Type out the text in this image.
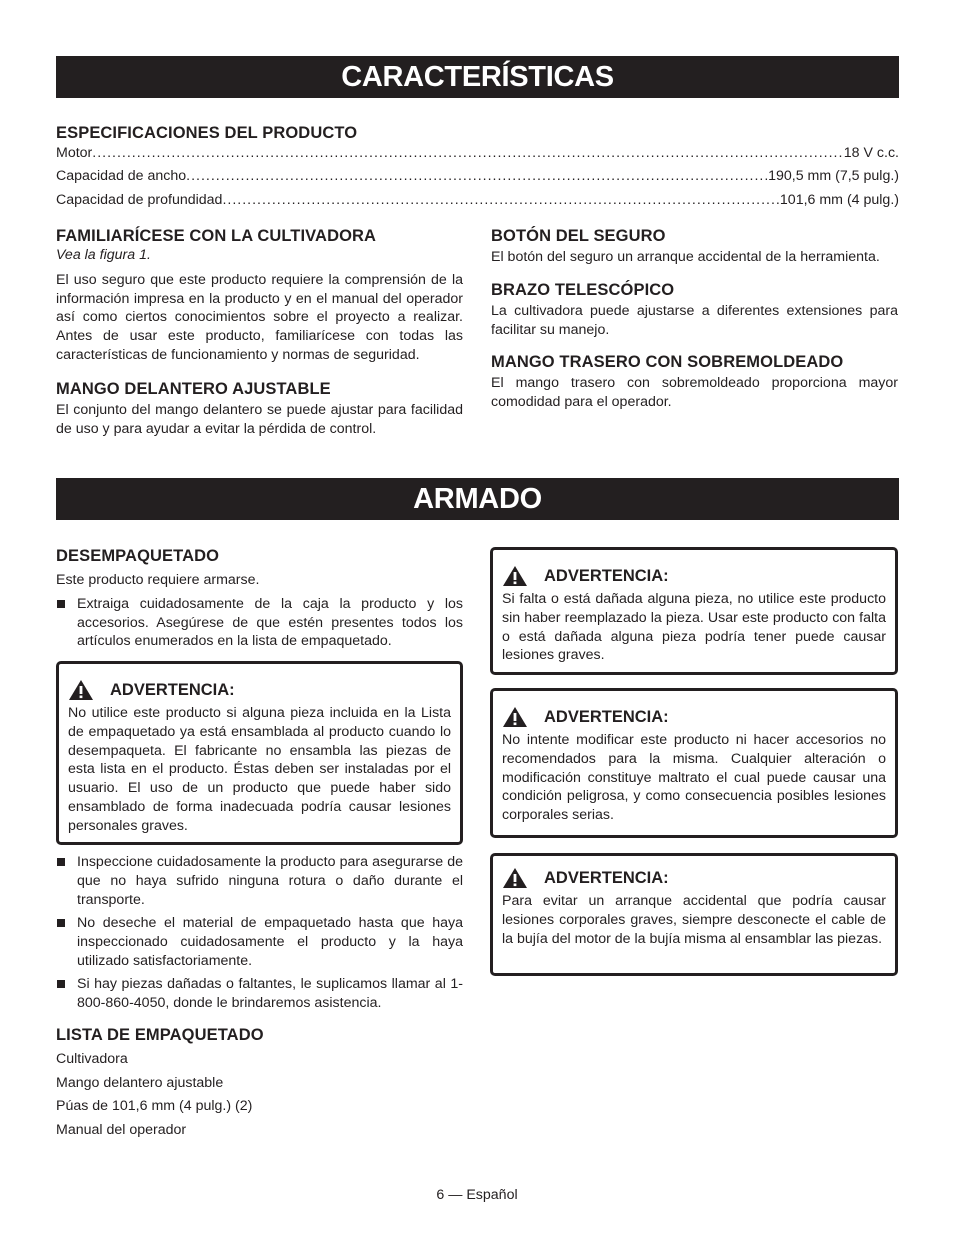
CARACTERÍSTICAS
ESPECIFICACIONES DEL PRODUCTO
Motor .....	18 V c.c.
Capacidad de ancho .....	190,5 mm (7,5 pulg.)
Capacidad de profundidad .....	101,6 mm (4 pulg.)
FAMILIARÍCESE CON LA CULTIVADORA
Vea la figura 1.
El uso seguro que este producto requiere la comprensión de la información impresa en la producto y en el manual del operador así como ciertos conocimientos sobre el proyecto a realizar. Antes de usar este producto, familiarícese con todas las características de funcionamiento y normas de seguridad.
MANGO DELANTERO AJUSTABLE
El conjunto del mango delantero se puede ajustar para facilidad de uso y para ayudar a evitar la pérdida de control.
BOTÓN DEL SEGURO
El botón del seguro un arranque accidental de la herramienta.
BRAZO TELESCÓPICO
La cultivadora puede ajustarse a diferentes extensiones para facilitar su manejo.
MANGO TRASERO CON SOBREMOLDEADO
El mango trasero con sobremoldeado proporciona mayor comodidad para el operador.
ARMADO
DESEMPAQUETADO
Este producto requiere armarse.
Extraiga cuidadosamente de la caja la producto y los accesorios. Asegúrese de que estén presentes todos los artículos enumerados en la lista de empaquetado.
ADVERTENCIA:
No utilice este producto si alguna pieza incluida en la Lista de empaquetado ya está ensamblada al producto cuando lo desempaqueta. El fabricante no ensambla las piezas de esta lista en el producto. Éstas deben ser instaladas por el usuario. El uso de un producto que puede haber sido ensamblado de forma inadecuada podría causar lesiones personales graves.
Inspeccione cuidadosamente la producto para asegurarse de que no haya sufrido ninguna rotura o daño durante el transporte.
No deseche el material de empaquetado hasta que haya inspeccionado cuidadosamente el producto y la haya utilizado satisfactoriamente.
Si hay piezas dañadas o faltantes, le suplicamos llamar al 1-800-860-4050, donde le brindaremos asistencia.
LISTA DE EMPAQUETADO
Cultivadora
Mango delantero ajustable
Púas de 101,6 mm (4 pulg.) (2)
Manual del operador
ADVERTENCIA:
Si falta o está dañada alguna pieza, no utilice este producto sin haber reemplazado la pieza. Usar este producto con falta o está dañada alguna pieza podría tener puede causar lesiones graves.
ADVERTENCIA:
No intente modificar este producto ni hacer accesorios no recomendados para la misma. Cualquier alteración o modificación constituye maltrato el cual puede causar una condición peligrosa, y como consecuencia posibles lesiones corporales serias.
ADVERTENCIA:
Para evitar un arranque accidental que podría causar lesiones corporales graves, siempre desconecte el cable de la bujía del motor de la bujía misma al ensamblar las piezas.
6 — Español
